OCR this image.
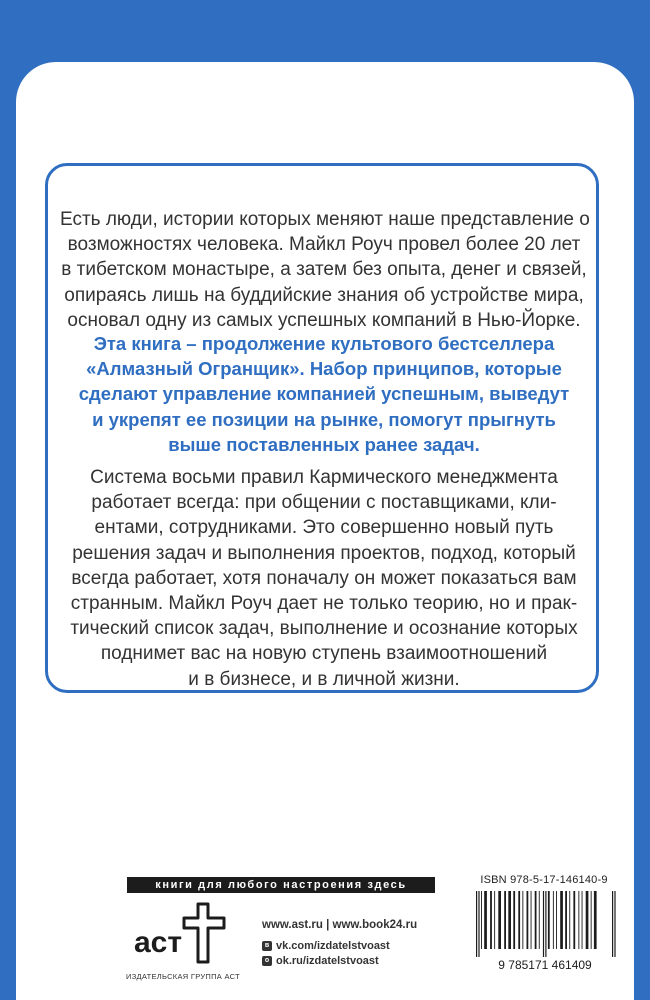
Есть люди, истории которых меняют наше представление о
возможностях человека. Майкл Роуч провел более 20 лет
в тибетском монастыре, а затем без опыта, денег и связей,
опираясь лишь на буддийские знания об устройстве мира,
основал одну из самых успешных компаний в Нью-Йорке.

Эта книга – продолжение культового бестселлера
«Алмазный Огранщик». Набор принципов, которые
сделают управление компанией успешным, выведут
и укрепят ее позиции на рынке, помогут прыгнуть
выше поставленных ранее задач.

Система восьми правил Кармического менеджмента
работает всегда: при общении с поставщиками, кли-
ентами, сотрудниками. Это совершенно новый путь
решения задач и выполнения проектов, подход, который
всегда работает, хотя поначалу он может показаться вам
странным. Майкл Роуч дает не только теорию, но и прак-
тический список задач, выполнение и осознание которых
поднимет вас на новую ступень взаимоотношений
и в бизнесе, и в личной жизни.

книги для любого настроения здесь
аст
ИЗДАТЕЛЬСКАЯ ГРУППА АСТ
www.ast.ru | www.book24.ru
в vk.com/izdatelstvoast
о ok.ru/izdatelstvoast
ISBN 978-5-17-146140-9
9 785171 461409
